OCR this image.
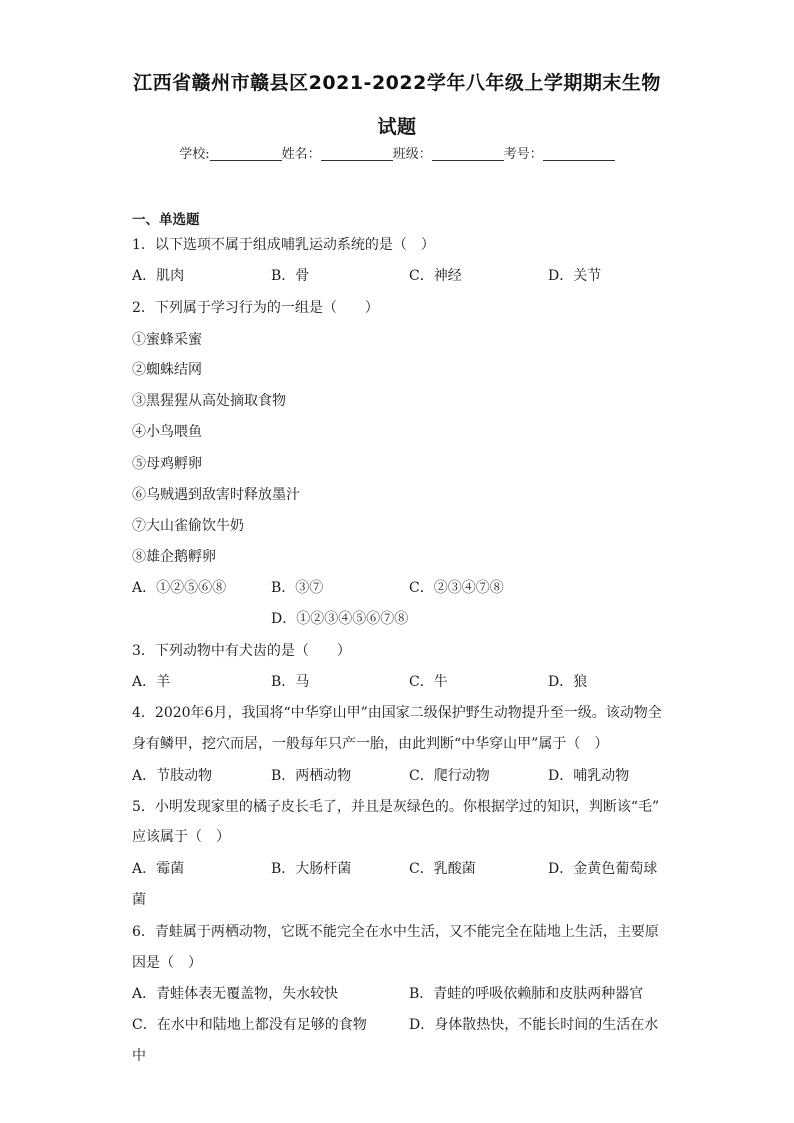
江西省赣州市赣县区2021-2022学年八年级上学期期末生物
试题
学校:	姓名：	班级：	考号：
一、单选题
1．以下选项不属于组成哺乳运动系统的是（　）
A．肌肉	B．骨	C．神经	D．关节
2．下列属于学习行为的一组是（　　）
①蜜蜂采蜜
②蜘蛛结网
③黑猩猩从高处摘取食物
④小鸟喂鱼
⑤母鸡孵卵
⑥乌贼遇到敌害时释放墨汁
⑦大山雀偷饮牛奶
⑧雄企鹅孵卵
A．①②⑤⑥⑧	B．③⑦	C．②③④⑦⑧
D．①②③④⑤⑥⑦⑧
3．下列动物中有犬齿的是（　　）
A．羊	B．马	C．牛	D．狼
4．2020年6月，我国将“中华穿山甲”由国家二级保护野生动物提升至一级。该动物全
身有鳞甲，挖穴而居，一般每年只产一胎，由此判断“中华穿山甲”属于（　）
A．节肢动物	B．两栖动物	C．爬行动物	D．哺乳动物
5．小明发现家里的橘子皮长毛了，并且是灰绿色的。你根据学过的知识，判断该“毛”
应该属于（　）
A．霉菌	B．大肠杆菌	C．乳酸菌	D．金黄色葡萄球
菌
6．青蛙属于两栖动物，它既不能完全在水中生活，又不能完全在陆地上生活，主要原
因是（　）
A．青蛙体表无覆盖物，失水较快	B．青蛙的呼吸依赖肺和皮肤两种器官
C．在水中和陆地上都没有足够的食物	D．身体散热快，不能长时间的生活在水
中
